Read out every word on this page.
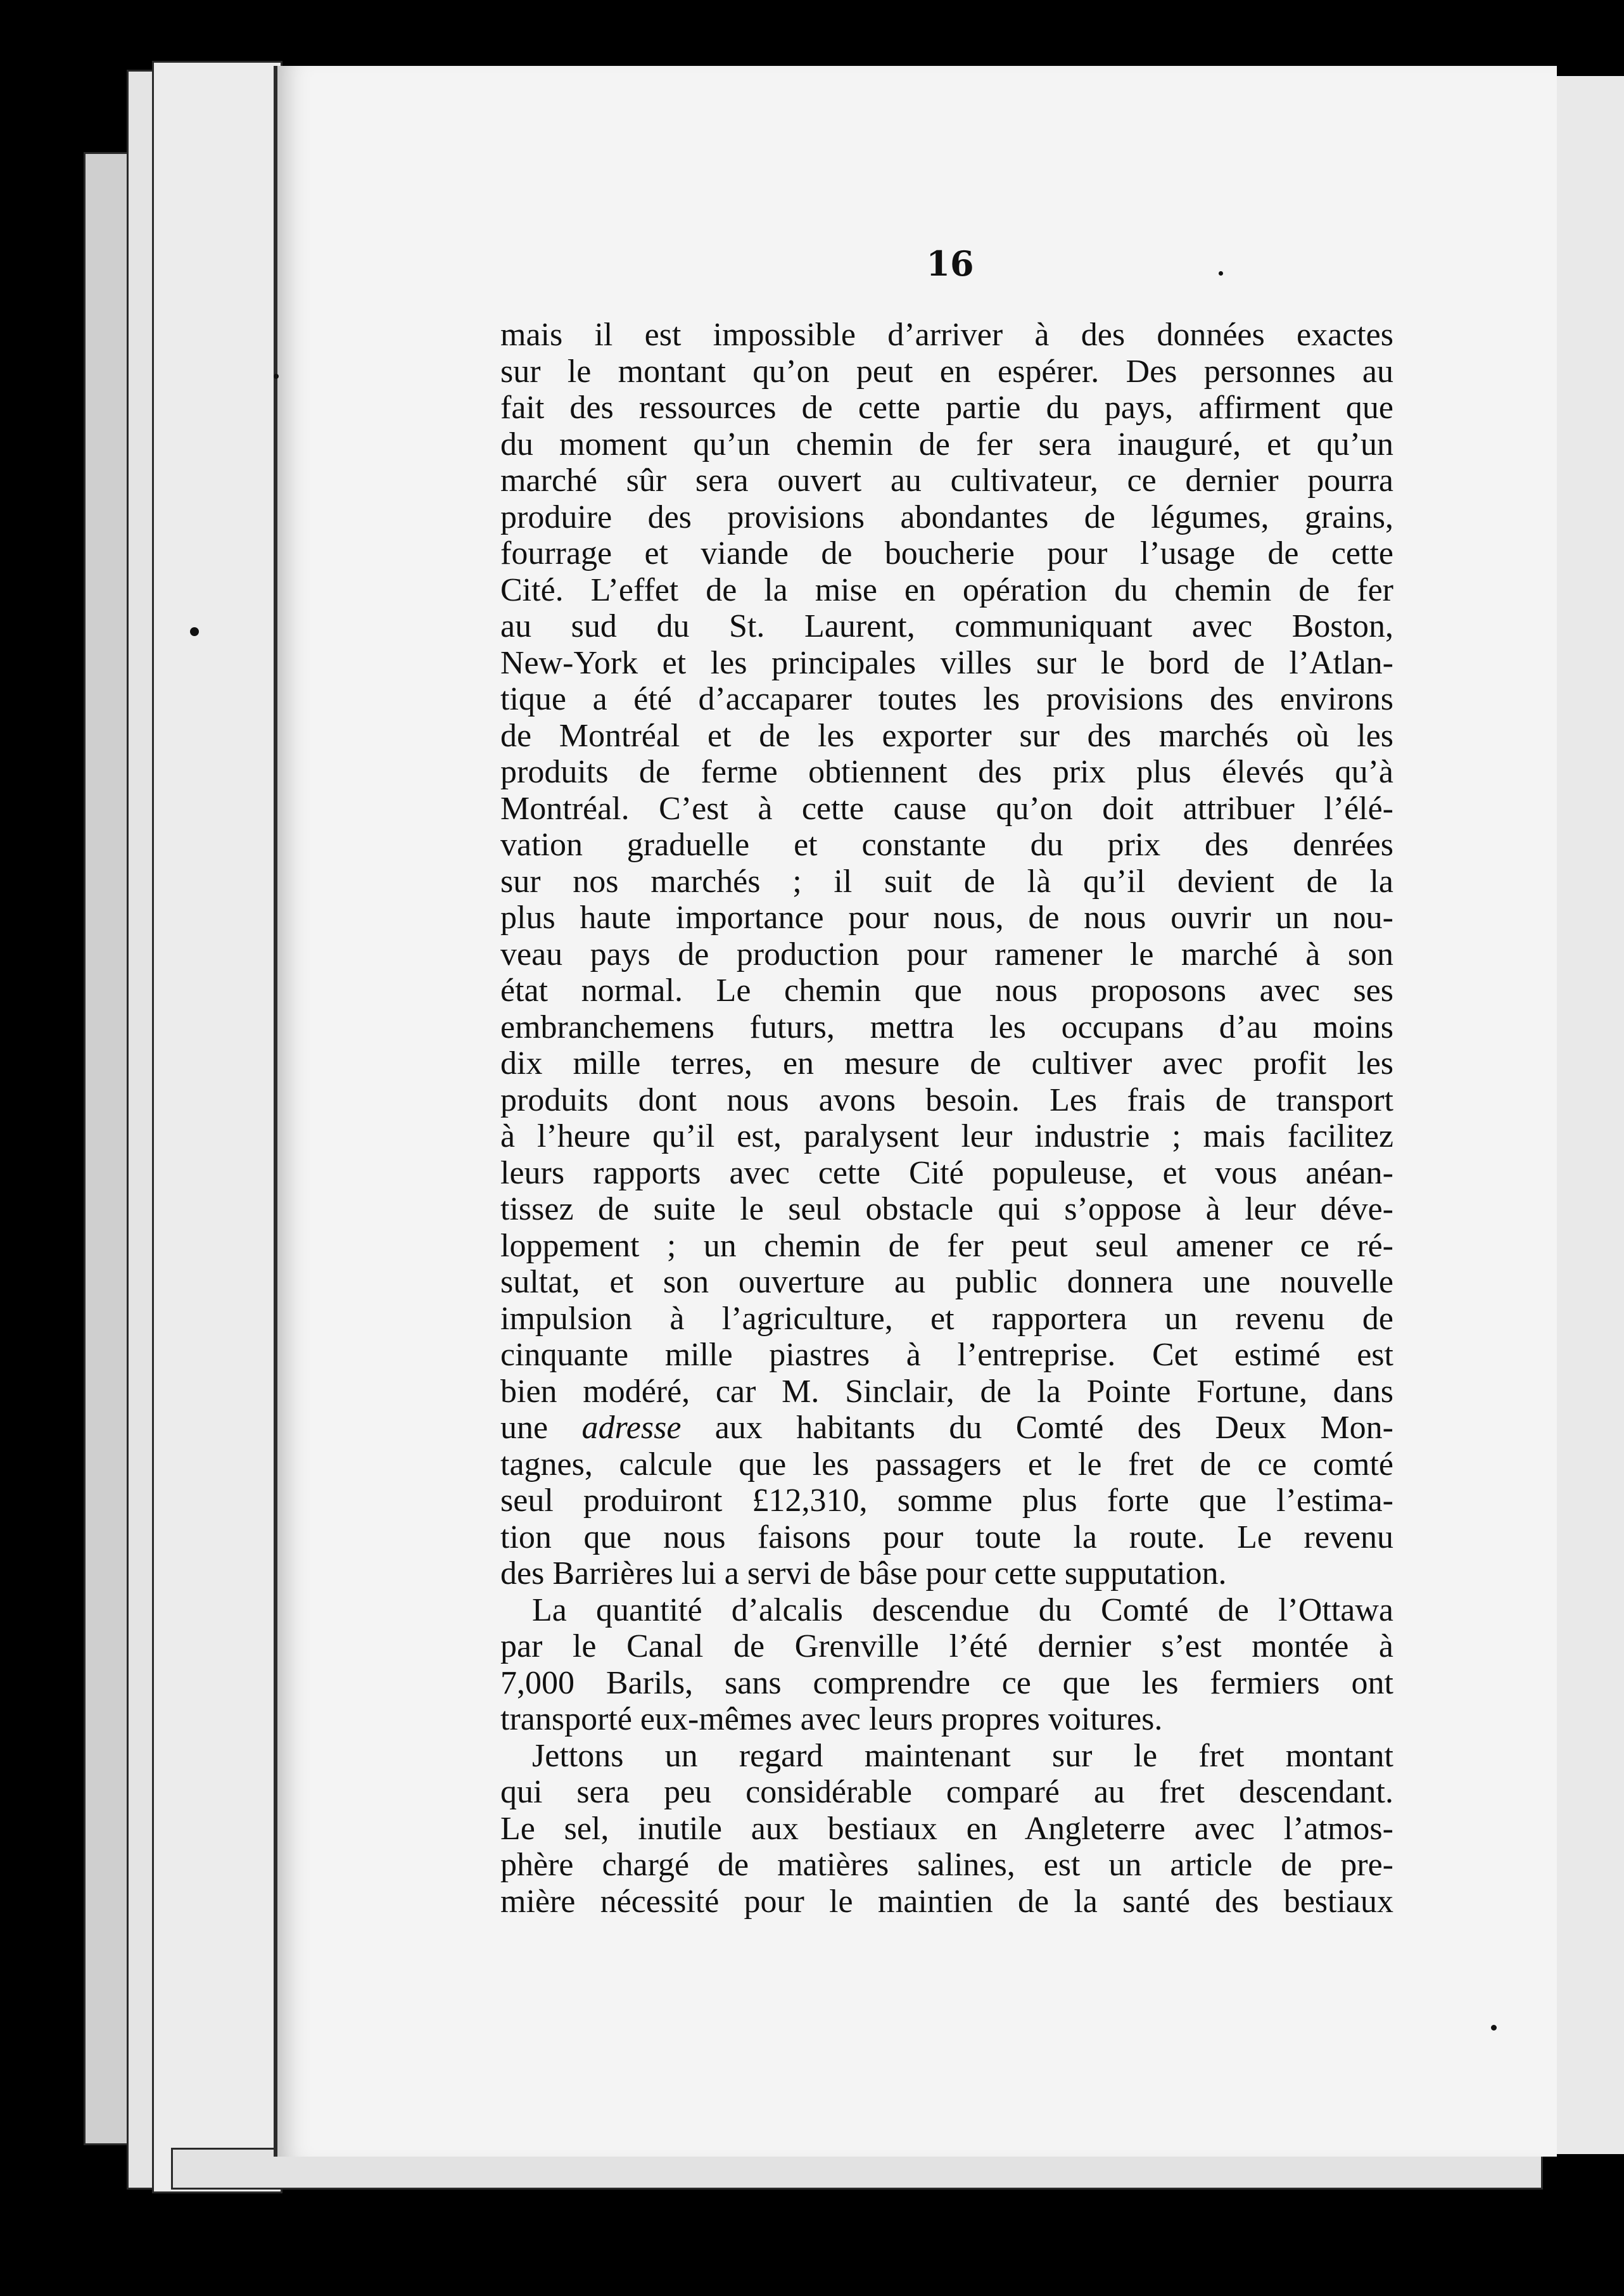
16
mais il est impossible d’arriver à des données exactes
sur le montant qu’on peut en espérer. Des personnes au
fait des ressources de cette partie du pays, affirment que
du moment qu’un chemin de fer sera inauguré, et qu’un
marché sûr sera ouvert au cultivateur, ce dernier pourra
produire des provisions abondantes de légumes, grains,
fourrage et viande de boucherie pour l’usage de cette
Cité. L’effet de la mise en opération du chemin de fer
au sud du St. Laurent, communiquant avec Boston,
New-York et les principales villes sur le bord de l’Atlan-
tique a été d’accaparer toutes les provisions des environs
de Montréal et de les exporter sur des marchés où les
produits de ferme obtiennent des prix plus élevés qu’à
Montréal. C’est à cette cause qu’on doit attribuer l’élé-
vation graduelle et constante du prix des denrées
sur nos marchés ; il suit de là qu’il devient de la
plus haute importance pour nous, de nous ouvrir un nou-
veau pays de production pour ramener le marché à son
état normal. Le chemin que nous proposons avec ses
embranchemens futurs, mettra les occupans d’au moins
dix mille terres, en mesure de cultiver avec profit les
produits dont nous avons besoin. Les frais de transport
à l’heure qu’il est, paralysent leur industrie ; mais facilitez
leurs rapports avec cette Cité populeuse, et vous anéan-
tissez de suite le seul obstacle qui s’oppose à leur déve-
loppement ; un chemin de fer peut seul amener ce ré-
sultat, et son ouverture au public donnera une nouvelle
impulsion à l’agriculture, et rapportera un revenu de
cinquante mille piastres à l’entreprise. Cet estimé est
bien modéré, car M. Sinclair, de la Pointe Fortune, dans
une adresse aux habitants du Comté des Deux Mon-
tagnes, calcule que les passagers et le fret de ce comté
seul produiront £12,310, somme plus forte que l’estima-
tion que nous faisons pour toute la route. Le revenu
des Barrières lui a servi de bâse pour cette supputation.
La quantité d’alcalis descendue du Comté de l’Ottawa
par le Canal de Grenville l’été dernier s’est montée à
7,000 Barils, sans comprendre ce que les fermiers ont
transporté eux-mêmes avec leurs propres voitures.
Jettons un regard maintenant sur le fret montant
qui sera peu considérable comparé au fret descendant.
Le sel, inutile aux bestiaux en Angleterre avec l’atmos-
phère chargé de matières salines, est un article de pre-
mière nécessité pour le maintien de la santé des bestiaux
